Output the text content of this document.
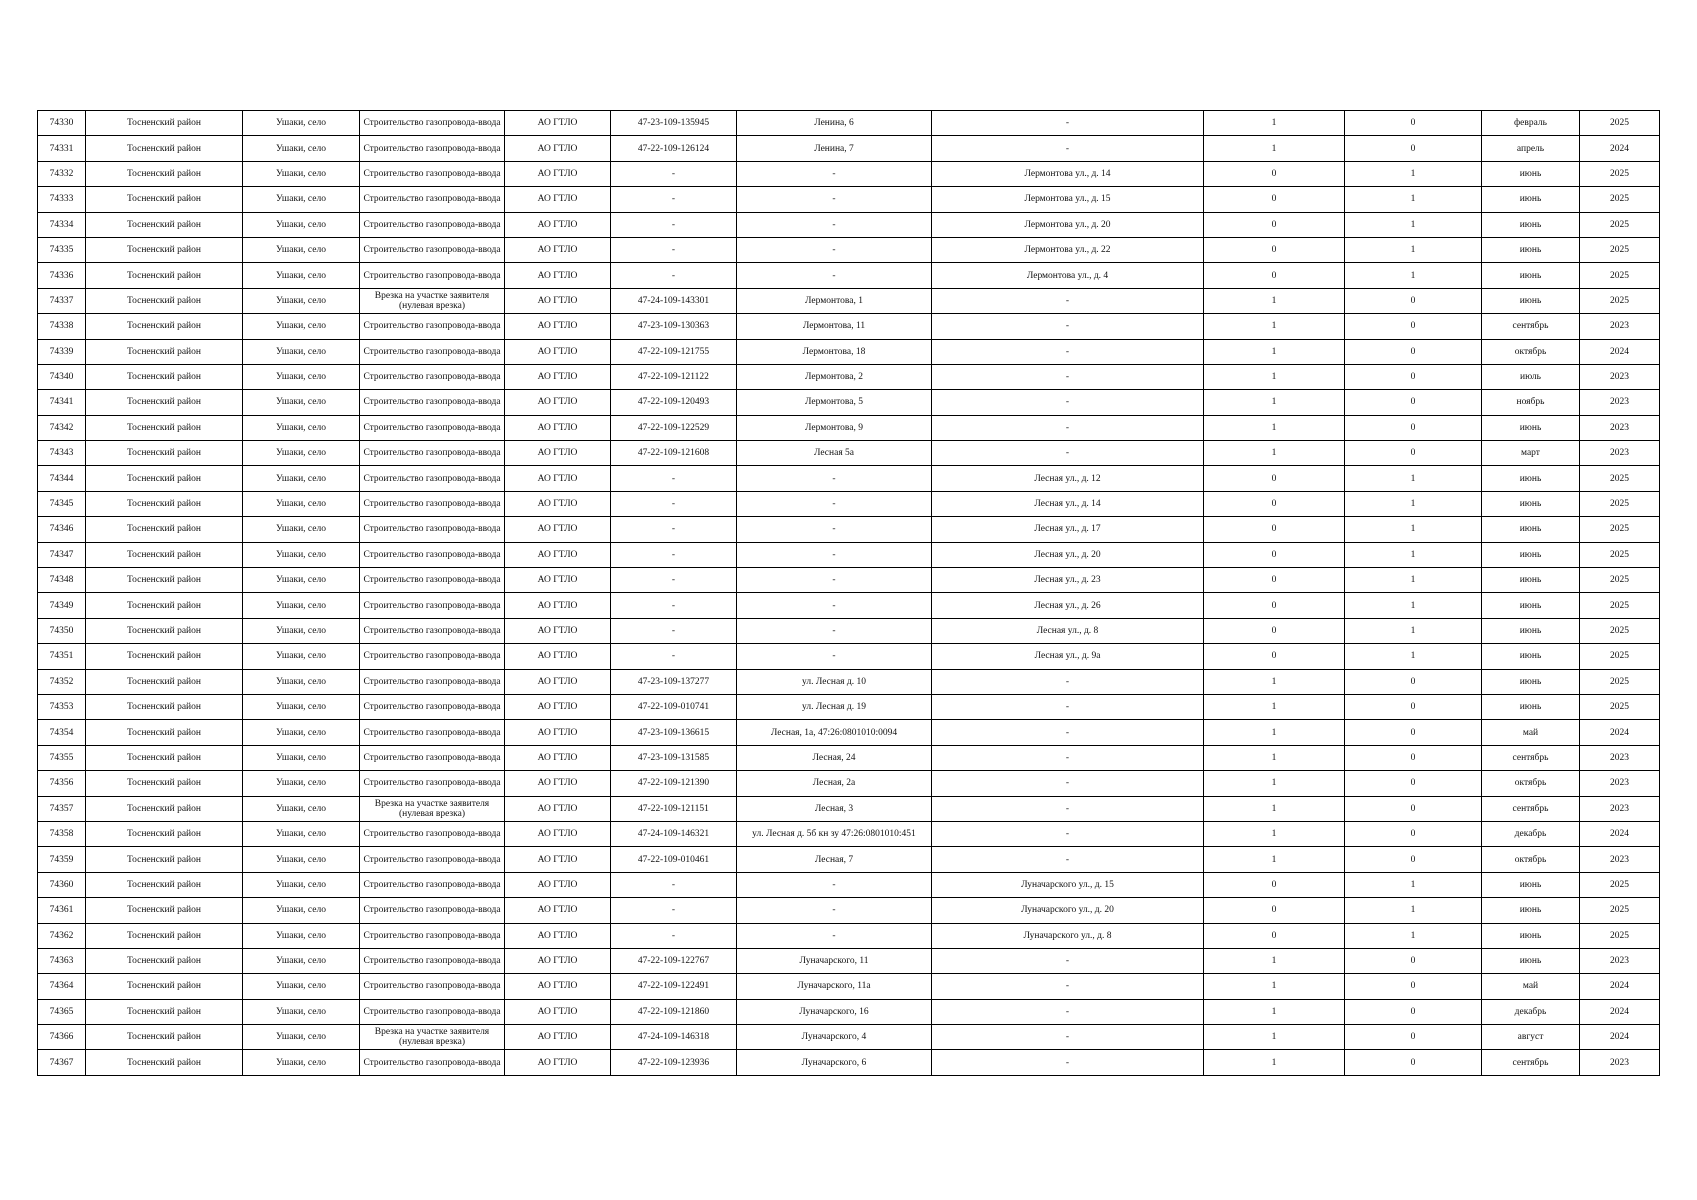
74330	Тосненский район	Ушаки, село	Строительство газопровода-ввода	АО ГТЛО	47-23-109-135945	Ленина, 6	-	1	0	февраль	2025
74331	Тосненский район	Ушаки, село	Строительство газопровода-ввода	АО ГТЛО	47-22-109-126124	Ленина, 7	-	1	0	апрель	2024
74332	Тосненский район	Ушаки, село	Строительство газопровода-ввода	АО ГТЛО	-	-	Лермонтова ул., д. 14	0	1	июнь	2025
74333	Тосненский район	Ушаки, село	Строительство газопровода-ввода	АО ГТЛО	-	-	Лермонтова ул., д. 15	0	1	июнь	2025
74334	Тосненский район	Ушаки, село	Строительство газопровода-ввода	АО ГТЛО	-	-	Лермонтова ул., д. 20	0	1	июнь	2025
74335	Тосненский район	Ушаки, село	Строительство газопровода-ввода	АО ГТЛО	-	-	Лермонтова ул., д. 22	0	1	июнь	2025
74336	Тосненский район	Ушаки, село	Строительство газопровода-ввода	АО ГТЛО	-	-	Лермонтова ул., д. 4	0	1	июнь	2025
74337	Тосненский район	Ушаки, село	Врезка на участке заявителя (нулевая врезка)	АО ГТЛО	47-24-109-143301	Лермонтова, 1	-	1	0	июнь	2025
74338	Тосненский район	Ушаки, село	Строительство газопровода-ввода	АО ГТЛО	47-23-109-130363	Лермонтова, 11	-	1	0	сентябрь	2023
74339	Тосненский район	Ушаки, село	Строительство газопровода-ввода	АО ГТЛО	47-22-109-121755	Лермонтова, 18	-	1	0	октябрь	2024
74340	Тосненский район	Ушаки, село	Строительство газопровода-ввода	АО ГТЛО	47-22-109-121122	Лермонтова, 2	-	1	0	июль	2023
74341	Тосненский район	Ушаки, село	Строительство газопровода-ввода	АО ГТЛО	47-22-109-120493	Лермонтова, 5	-	1	0	ноябрь	2023
74342	Тосненский район	Ушаки, село	Строительство газопровода-ввода	АО ГТЛО	47-22-109-122529	Лермонтова, 9	-	1	0	июнь	2023
74343	Тосненский район	Ушаки, село	Строительство газопровода-ввода	АО ГТЛО	47-22-109-121608	Лесная 5а	-	1	0	март	2023
74344	Тосненский район	Ушаки, село	Строительство газопровода-ввода	АО ГТЛО	-	-	Лесная ул., д. 12	0	1	июнь	2025
74345	Тосненский район	Ушаки, село	Строительство газопровода-ввода	АО ГТЛО	-	-	Лесная ул., д. 14	0	1	июнь	2025
74346	Тосненский район	Ушаки, село	Строительство газопровода-ввода	АО ГТЛО	-	-	Лесная ул., д. 17	0	1	июнь	2025
74347	Тосненский район	Ушаки, село	Строительство газопровода-ввода	АО ГТЛО	-	-	Лесная ул., д. 20	0	1	июнь	2025
74348	Тосненский район	Ушаки, село	Строительство газопровода-ввода	АО ГТЛО	-	-	Лесная ул., д. 23	0	1	июнь	2025
74349	Тосненский район	Ушаки, село	Строительство газопровода-ввода	АО ГТЛО	-	-	Лесная ул., д. 26	0	1	июнь	2025
74350	Тосненский район	Ушаки, село	Строительство газопровода-ввода	АО ГТЛО	-	-	Лесная ул., д. 8	0	1	июнь	2025
74351	Тосненский район	Ушаки, село	Строительство газопровода-ввода	АО ГТЛО	-	-	Лесная ул., д. 9а	0	1	июнь	2025
74352	Тосненский район	Ушаки, село	Строительство газопровода-ввода	АО ГТЛО	47-23-109-137277	ул. Лесная д. 10	-	1	0	июнь	2025
74353	Тосненский район	Ушаки, село	Строительство газопровода-ввода	АО ГТЛО	47-22-109-010741	ул. Лесная д. 19	-	1	0	июнь	2025
74354	Тосненский район	Ушаки, село	Строительство газопровода-ввода	АО ГТЛО	47-23-109-136615	Лесная, 1а, 47:26:0801010:0094	-	1	0	май	2024
74355	Тосненский район	Ушаки, село	Строительство газопровода-ввода	АО ГТЛО	47-23-109-131585	Лесная, 24	-	1	0	сентябрь	2023
74356	Тосненский район	Ушаки, село	Строительство газопровода-ввода	АО ГТЛО	47-22-109-121390	Лесная, 2а	-	1	0	октябрь	2023
74357	Тосненский район	Ушаки, село	Врезка на участке заявителя (нулевая врезка)	АО ГТЛО	47-22-109-121151	Лесная, 3	-	1	0	сентябрь	2023
74358	Тосненский район	Ушаки, село	Строительство газопровода-ввода	АО ГТЛО	47-24-109-146321	ул. Лесная д. 5б кн зу 47:26:0801010:451	-	1	0	декабрь	2024
74359	Тосненский район	Ушаки, село	Строительство газопровода-ввода	АО ГТЛО	47-22-109-010461	Лесная, 7	-	1	0	октябрь	2023
74360	Тосненский район	Ушаки, село	Строительство газопровода-ввода	АО ГТЛО	-	-	Луначарского ул., д. 15	0	1	июнь	2025
74361	Тосненский район	Ушаки, село	Строительство газопровода-ввода	АО ГТЛО	-	-	Луначарского ул., д. 20	0	1	июнь	2025
74362	Тосненский район	Ушаки, село	Строительство газопровода-ввода	АО ГТЛО	-	-	Луначарского ул., д. 8	0	1	июнь	2025
74363	Тосненский район	Ушаки, село	Строительство газопровода-ввода	АО ГТЛО	47-22-109-122767	Луначарского, 11	-	1	0	июнь	2023
74364	Тосненский район	Ушаки, село	Строительство газопровода-ввода	АО ГТЛО	47-22-109-122491	Луначарского, 11а	-	1	0	май	2024
74365	Тосненский район	Ушаки, село	Строительство газопровода-ввода	АО ГТЛО	47-22-109-121860	Луначарского, 16	-	1	0	декабрь	2024
74366	Тосненский район	Ушаки, село	Врезка на участке заявителя (нулевая врезка)	АО ГТЛО	47-24-109-146318	Луначарского, 4	-	1	0	август	2024
74367	Тосненский район	Ушаки, село	Строительство газопровода-ввода	АО ГТЛО	47-22-109-123936	Луначарского, 6	-	1	0	сентябрь	2023
